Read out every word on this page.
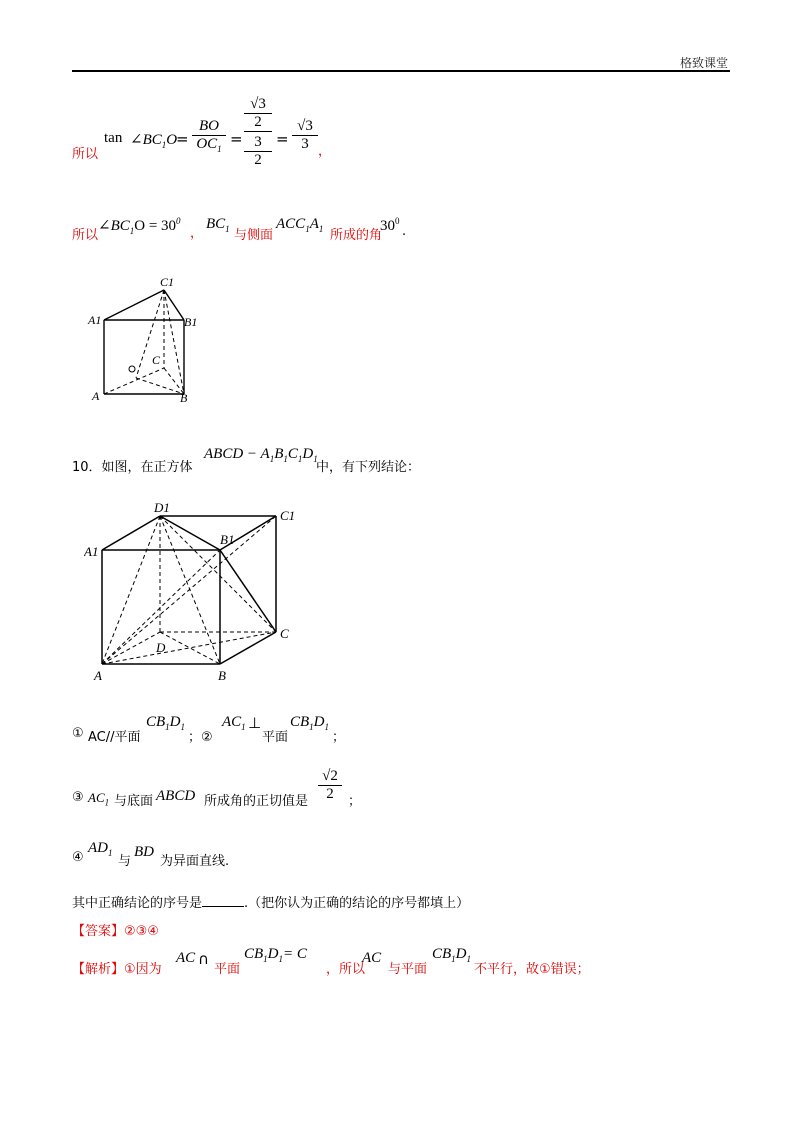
格致课堂
所以
$\tan \angle BC_1O$
=
BO
$OC_1$
=
√3
2
3
2
=
√3
3 ，
所以
$\angle BC_1O = 30^0$
，
$BC_1$ 与侧面
$ACC_1A_1$ 所成的角
$30^0$
.
C1
A1	B1
C
A	B
10．如图，在正方体
ABCD − $A_1B_1C_1D_1$
中，有下列结论：
D1
C1
A1
B1
C
D
A	B
① AC//平面
$CB_1D_1$
；②
$AC_1$ ⊥
平面
$CB_1D_1$
；
③ $AC_1$ 与底面 ABCD 所成角的正切值是
√2
2	；
④
$AD_1$
与
BD
为异面直线.
其中正确结论的序号是	.（把你认为正确的结论的序号都填上）
【答案】②③④
【解析】①因为
AC ∩
平面
$CB_1D_1= C$
，所以
AC
与平面
$CB_1D_1$
不平行，故①错误；
